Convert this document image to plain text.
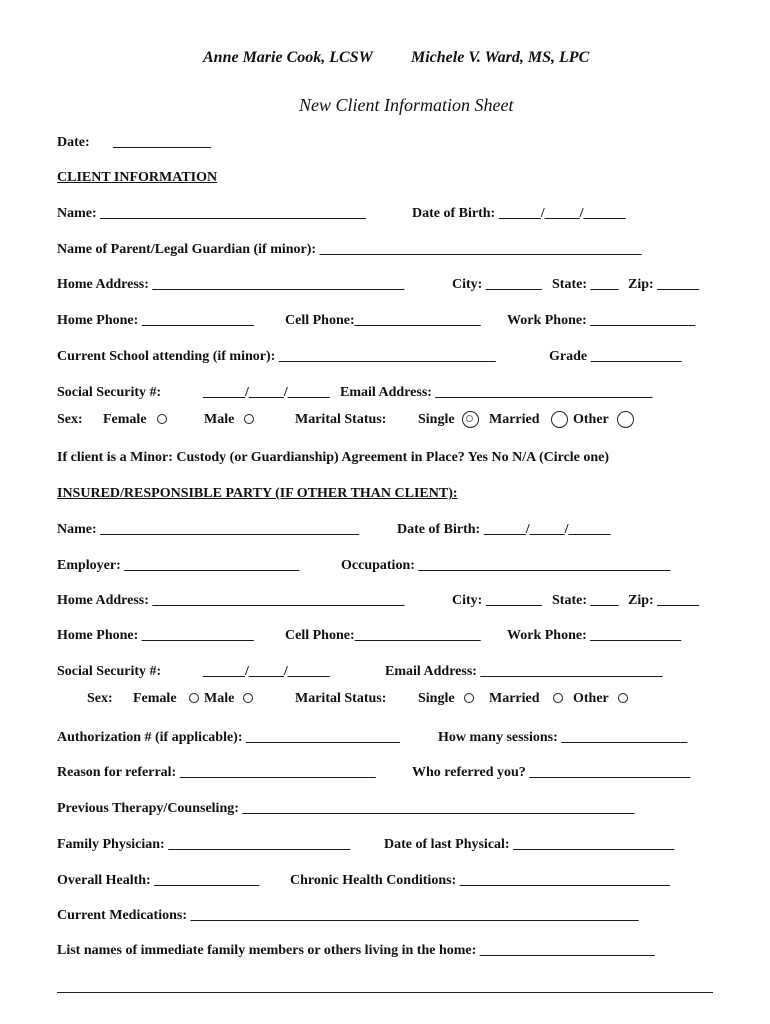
Anne Marie Cook, LCSW Michele V. Ward, MS, LPC
New Client Information Sheet
Date: ______________
CLIENT INFORMATION
Name: ______________________________________	Date of Birth: ______/_____/______
Name of Parent/Legal Guardian (if minor): ______________________________________________
Home Address: ____________________________________	City: ________ State: ____ Zip: ______
Home Phone: ________________ Cell Phone:__________________ Work Phone: _______________
Current School attending (if minor): _______________________________	Grade _____________
Social Security #:	______/_____/______ Email Address: _______________________________
Sex: Female	Male	Marital Status: Single Married Other
If client is a Minor: Custody (or Guardianship) Agreement in Place? Yes No N/A (Circle one)
INSURED/RESPONSIBLE PARTY (IF OTHER THAN CLIENT):
Name: _____________________________________	Date of Birth: ______/_____/______
Employer: _________________________	Occupation: ____________________________________
Home Address: ____________________________________	City: ________ State: ____ Zip: ______
Home Phone: ________________ Cell Phone:__________________ Work Phone: _____________
Social Security #:	______/_____/______	Email Address: __________________________
Sex: Female Male	Marital Status: Single Married Other
Authorization # (if applicable): ______________________	How many sessions: __________________
Reason for referral: ____________________________	Who referred you? _______________________
Previous Therapy/Counseling: ________________________________________________________
Family Physician: __________________________ Date of last Physical: _______________________
Overall Health: _______________ Chronic Health Conditions: ______________________________
Current Medications: ________________________________________________________________
List names of immediate family members or others living in the home: _________________________
